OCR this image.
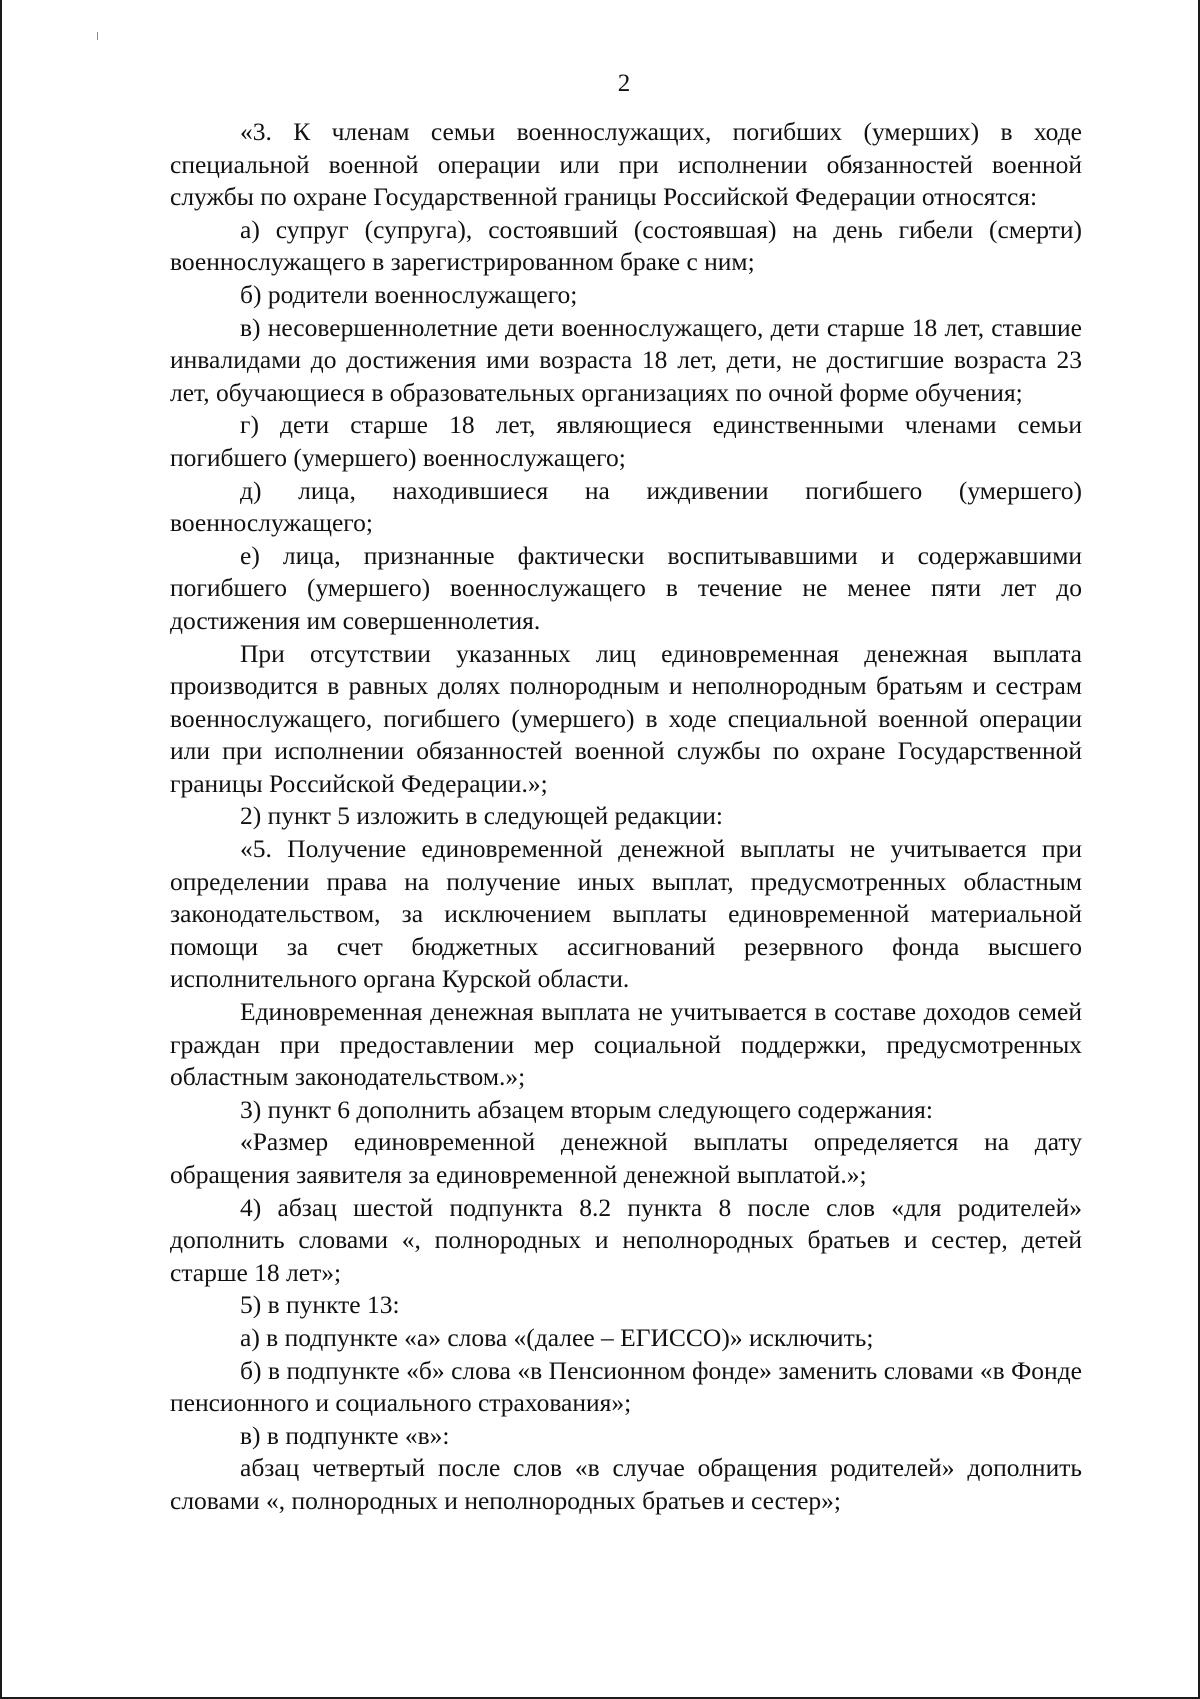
2

«3. К членам семьи военнослужащих, погибших (умерших) в ходе специальной военной операции или при исполнении обязанностей военной службы по охране Государственной границы Российской Федерации относятся:

а) супруг (супруга), состоявший (состоявшая) на день гибели (смерти) военнослужащего в зарегистрированном браке с ним;

б) родители военнослужащего;

в) несовершеннолетние дети военнослужащего, дети старше 18 лет, ставшие инвалидами до достижения ими возраста 18 лет, дети, не достигшие возраста 23 лет, обучающиеся в образовательных организациях по очной форме обучения;

г) дети старше 18 лет, являющиеся единственными членами семьи погибшего (умершего) военнослужащего;

д) лица, находившиеся на иждивении погибшего (умершего) военнослужащего;

е) лица, признанные фактически воспитывавшими и содержавшими погибшего (умершего) военнослужащего в течение не менее пяти лет до достижения им совершеннолетия.

При отсутствии указанных лиц единовременная денежная выплата производится в равных долях полнородным и неполнородным братьям и сестрам военнослужащего, погибшего (умершего) в ходе специальной военной операции или при исполнении обязанностей военной службы по охране Государственной границы Российской Федерации.»;

2) пункт 5 изложить в следующей редакции:

«5. Получение единовременной денежной выплаты не учитывается при определении права на получение иных выплат, предусмотренных областным законодательством, за исключением выплаты единовременной материальной помощи за счет бюджетных ассигнований резервного фонда высшего исполнительного органа Курской области.

Единовременная денежная выплата не учитывается в составе доходов семей граждан при предоставлении мер социальной поддержки, предусмотренных областным законодательством.»;

3) пункт 6 дополнить абзацем вторым следующего содержания:

«Размер единовременной денежной выплаты определяется на дату обращения заявителя за единовременной денежной выплатой.»;

4) абзац шестой подпункта 8.2 пункта 8 после слов «для родителей» дополнить словами «, полнородных и неполнородных братьев и сестер, детей старше 18 лет»;

5) в пункте 13:

а) в подпункте «а» слова «(далее – ЕГИССО)» исключить;

б) в подпункте «б» слова «в Пенсионном фонде» заменить словами «в Фонде пенсионного и социального страхования»;

в) в подпункте «в»:

абзац четвертый после слов «в случае обращения родителей» дополнить словами «, полнородных и неполнородных братьев и сестер»;
